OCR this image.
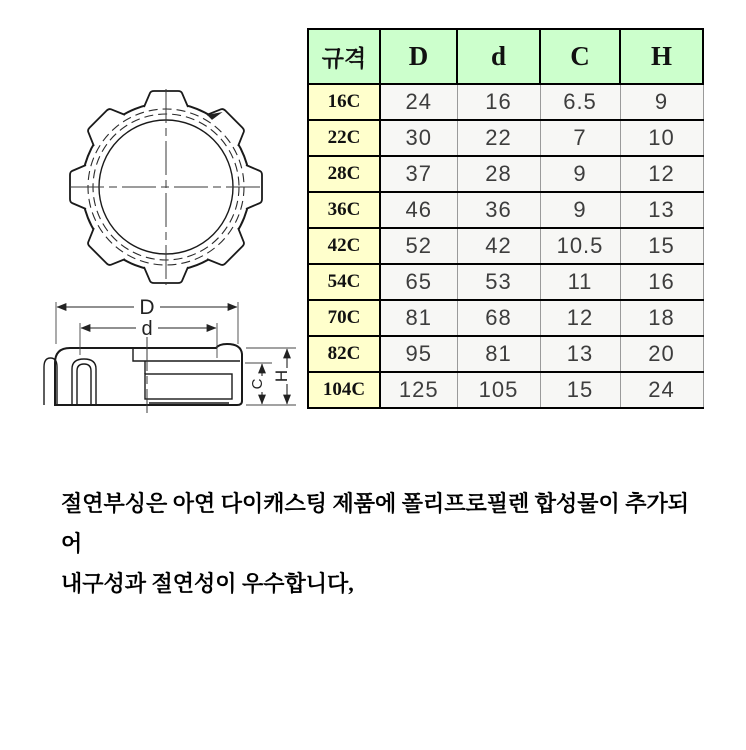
D
d
C
H
규격	D	d	C	H
16C	24	16	6.5	9
22C	30	22	7	10
28C	37	28	9	12
36C	46	36	9	13
42C	52	42	10.5	15
54C	65	53	11	16
70C	81	68	12	18
82C	95	81	13	20
104C	125	105	15	24
절연부싱은 아연 다이캐스팅 제품에 폴리프로필렌 합성물이 추가되어
내구성과 절연성이 우수합니다,
